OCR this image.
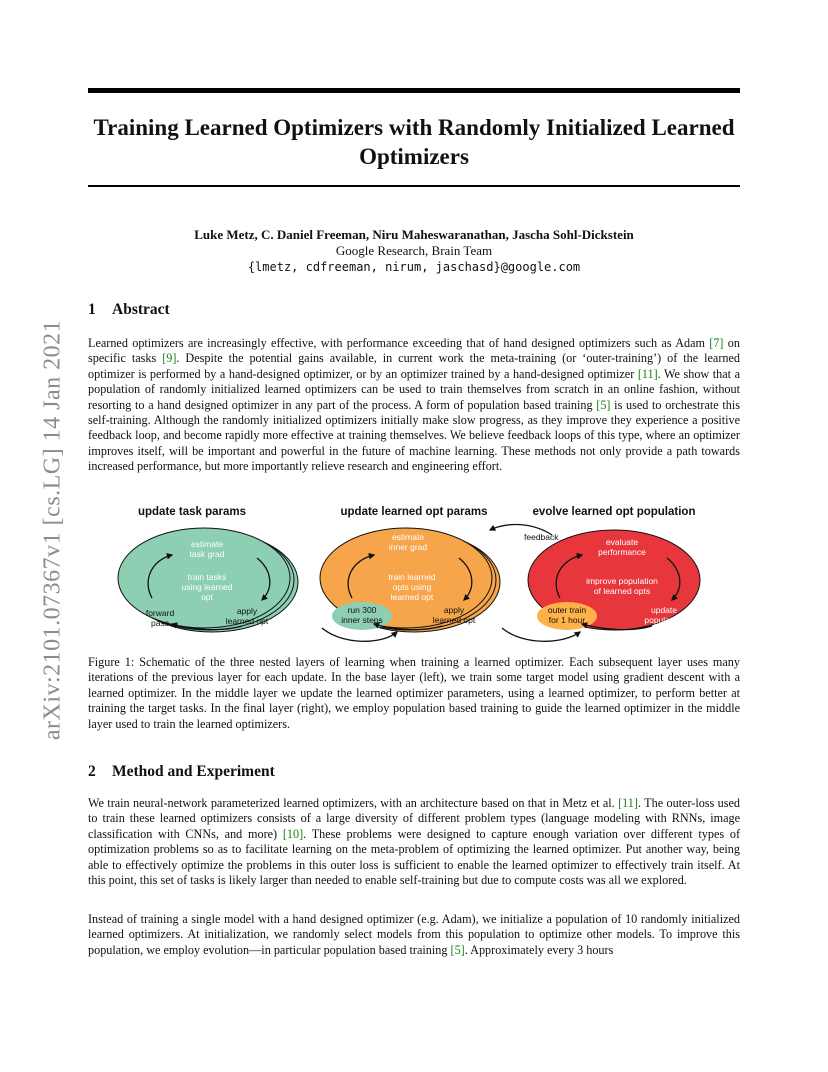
Training Learned Optimizers with Randomly Initialized Learned Optimizers
Luke Metz, C. Daniel Freeman, Niru Maheswaranathan, Jascha Sohl-Dickstein
Google Research, Brain Team
{lmetz, cdfreeman, nirum, jaschasd}@google.com
arXiv:2101.07367v1 [cs.LG] 14 Jan 2021
1 Abstract
Learned optimizers are increasingly effective, with performance exceeding that of hand designed optimizers such as Adam [7] on specific tasks [9]. Despite the potential gains available, in current work the meta-training (or ‘outer-training’) of the learned optimizer is performed by a hand-designed optimizer, or by an optimizer trained by a hand-designed optimizer [11]. We show that a population of randomly initialized learned optimizers can be used to train themselves from scratch in an online fashion, without resorting to a hand designed optimizer in any part of the process. A form of population based training [5] is used to orchestrate this self-training. Although the randomly initialized optimizers initially make slow progress, as they improve they experience a positive feedback loop, and become rapidly more effective at training themselves. We believe feedback loops of this type, where an optimizer improves itself, will be important and powerful in the future of machine learning. These methods not only provide a path towards increased performance, but more importantly relieve research and engineering effort.
update task params	update learned opt params	evolve learned opt population
feedback
estimate
task grad
train tasks
using learned
opt
forward
pass
apply
learned opt
estimate
inner grad
train learned
opts using
learned opt
run 300
inner steps
apply
learned opt
evaluate
performance
improve population
of learned opts
update
population
outer train
for 1 hour
Figure 1: Schematic of the three nested layers of learning when training a learned optimizer. Each subsequent layer uses many iterations of the previous layer for each update. In the base layer (left), we train some target model using gradient descent with a learned optimizer. In the middle layer we update the learned optimizer parameters, using a learned optimizer, to perform better at training the target tasks. In the final layer (right), we employ population based training to guide the learned optimizer in the middle layer used to train the learned optimizers.
2 Method and Experiment
We train neural-network parameterized learned optimizers, with an architecture based on that in Metz et al. [11]. The outer-loss used to train these learned optimizers consists of a large diversity of different problem types (language modeling with RNNs, image classification with CNNs, and more) [10]. These problems were designed to capture enough variation over different types of optimization problems so as to facilitate learning on the meta-problem of optimizing the learned optimizer. Put another way, being able to effectively optimize the problems in this outer loss is sufficient to enable the learned optimizer to effectively train itself. At this point, this set of tasks is likely larger than needed to enable self-training but due to compute costs was all we explored.
Instead of training a single model with a hand designed optimizer (e.g. Adam), we initialize a population of 10 randomly initialized learned optimizers. At initialization, we randomly select models from this population to optimize other models. To improve this population, we employ evolution—in particular population based training [5]. Approximately every 3 hours
